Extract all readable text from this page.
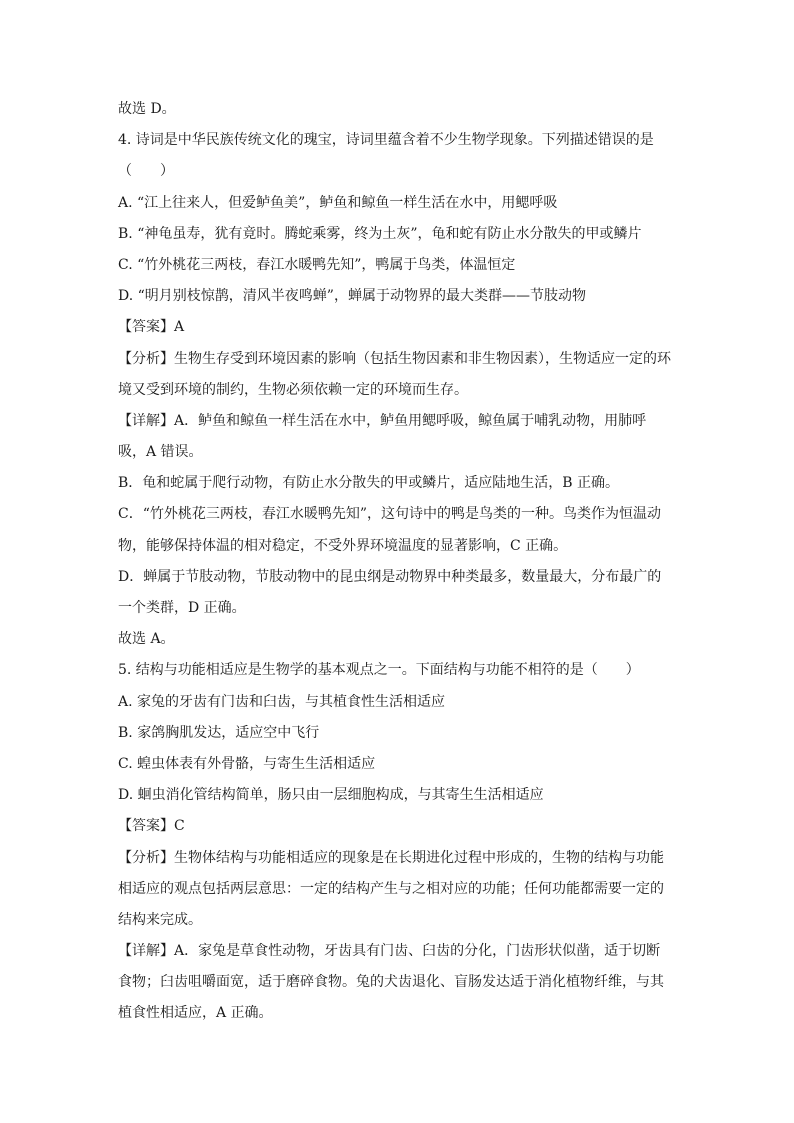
故选 D。
4. 诗词是中华民族传统文化的瑰宝，诗词里蕴含着不少生物学现象。下列描述错误的是
（　　）
A. “江上往来人，但爱鲈鱼美”，鲈鱼和鲸鱼一样生活在水中，用鳃呼吸
B. “神龟虽寿，犹有竟时。腾蛇乘雾，终为土灰”，龟和蛇有防止水分散失的甲或鳞片
C. “竹外桃花三两枝，春江水暖鸭先知”，鸭属于鸟类，体温恒定
D. “明月别枝惊鹊，清风半夜鸣蝉”，蝉属于动物界的最大类群——节肢动物
【答案】A
【分析】生物生存受到环境因素的影响（包括生物因素和非生物因素），生物适应一定的环
境又受到环境的制约，生物必须依赖一定的环境而生存。
【详解】A．鲈鱼和鲸鱼一样生活在水中，鲈鱼用鳃呼吸，鲸鱼属于哺乳动物，用肺呼
吸，A 错误。
B．龟和蛇属于爬行动物，有防止水分散失的甲或鳞片，适应陆地生活，B 正确。
C．“竹外桃花三两枝，春江水暖鸭先知”，这句诗中的鸭是鸟类的一种。鸟类作为恒温动
物，能够保持体温的相对稳定，不受外界环境温度的显著影响，C 正确。
D．蝉属于节肢动物，节肢动物中的昆虫纲是动物界中种类最多，数量最大，分布最广的
一个类群，D 正确。
故选 A。
5. 结构与功能相适应是生物学的基本观点之一。下面结构与功能不相符的是（　　）
A. 家兔的牙齿有门齿和臼齿，与其植食性生活相适应
B. 家鸽胸肌发达，适应空中飞行
C. 蝗虫体表有外骨骼，与寄生生活相适应
D. 蛔虫消化管结构简单，肠只由一层细胞构成，与其寄生生活相适应
【答案】C
【分析】生物体结构与功能相适应的现象是在长期进化过程中形成的，生物的结构与功能
相适应的观点包括两层意思：一定的结构产生与之相对应的功能；任何功能都需要一定的
结构来完成。
【详解】A．家兔是草食性动物，牙齿具有门齿、臼齿的分化，门齿形状似凿，适于切断
食物；臼齿咀嚼面宽，适于磨碎食物。兔的犬齿退化、盲肠发达适于消化植物纤维，与其
植食性相适应，A 正确。
